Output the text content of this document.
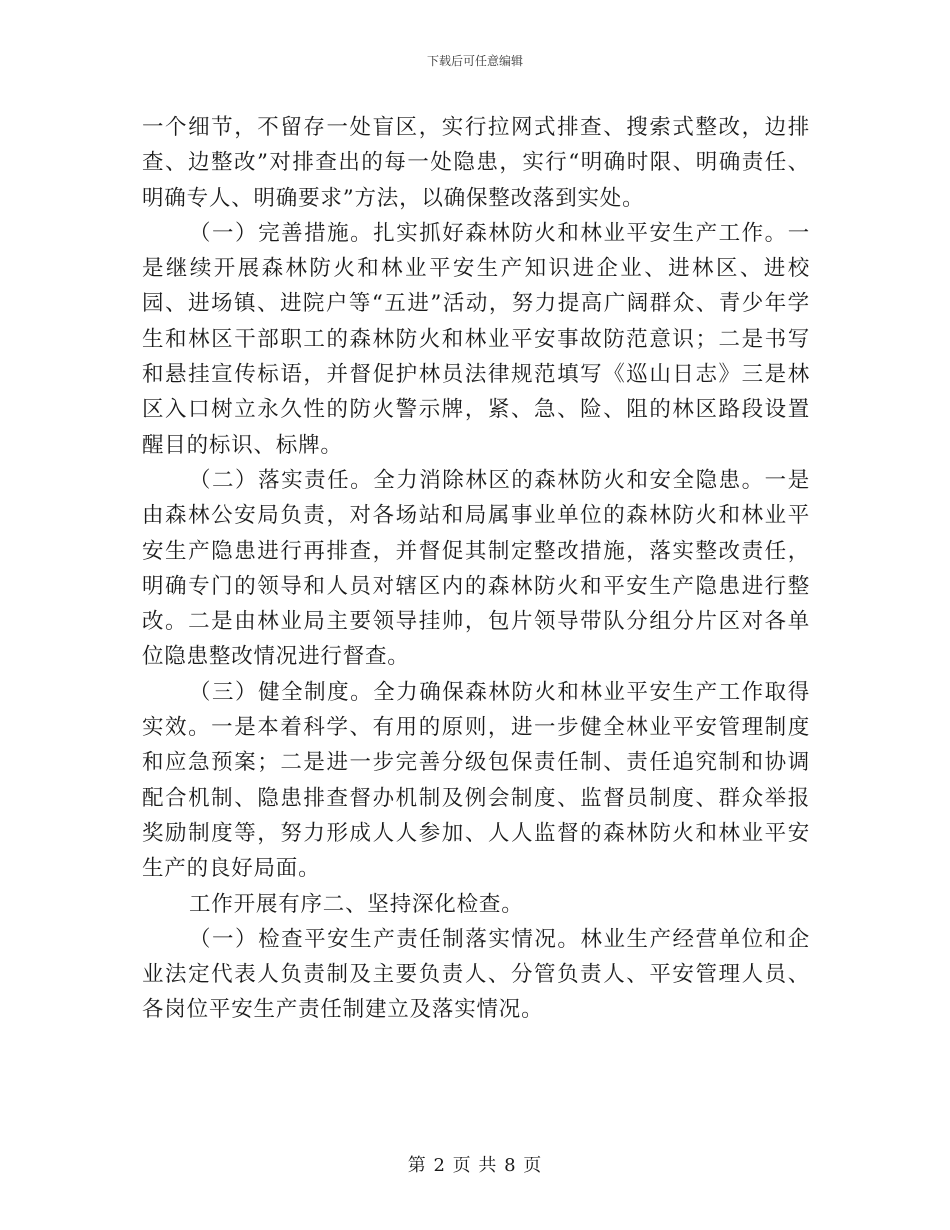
下载后可任意编辑

一个细节，不留存一处盲区，实行拉网式排查、搜索式整改，边排查、边整改”对排查出的每一处隐患，实行“明确时限、明确责任、明确专人、明确要求”方法，以确保整改落到实处。

（一）完善措施。扎实抓好森林防火和林业平安生产工作。一是继续开展森林防火和林业平安生产知识进企业、进林区、进校园、进场镇、进院户等“五进”活动，努力提高广阔群众、青少年学生和林区干部职工的森林防火和林业平安事故防范意识；二是书写和悬挂宣传标语，并督促护林员法律规范填写《巡山日志》三是林区入口树立永久性的防火警示牌，紧、急、险、阻的林区路段设置醒目的标识、标牌。

（二）落实责任。全力消除林区的森林防火和安全隐患。一是由森林公安局负责，对各场站和局属事业单位的森林防火和林业平安生产隐患进行再排查，并督促其制定整改措施，落实整改责任，明确专门的领导和人员对辖区内的森林防火和平安生产隐患进行整改。二是由林业局主要领导挂帅，包片领导带队分组分片区对各单位隐患整改情况进行督查。

（三）健全制度。全力确保森林防火和林业平安生产工作取得实效。一是本着科学、有用的原则，进一步健全林业平安管理制度和应急预案；二是进一步完善分级包保责任制、责任追究制和协调配合机制、隐患排查督办机制及例会制度、监督员制度、群众举报奖励制度等，努力形成人人参加、人人监督的森林防火和林业平安生产的良好局面。

工作开展有序二、坚持深化检查。

（一）检查平安生产责任制落实情况。林业生产经营单位和企业法定代表人负责制及主要负责人、分管负责人、平安管理人员、各岗位平安生产责任制建立及落实情况。

第 2 页 共 8 页
